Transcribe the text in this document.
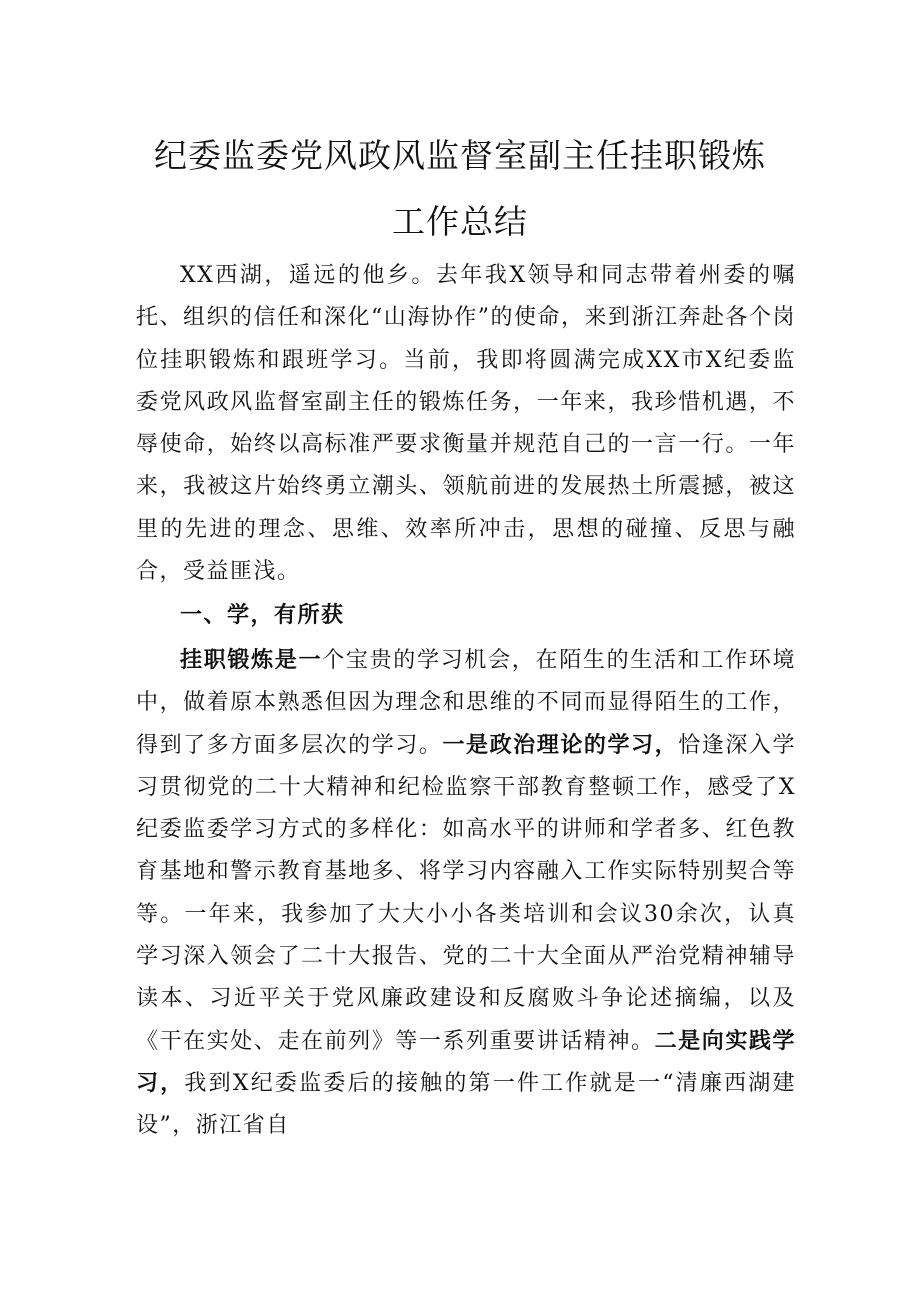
纪委监委党风政风监督室副主任挂职锻炼
工作总结

XX西湖，遥远的他乡。去年我X领导和同志带着州委的嘱托、组织的信任和深化“山海协作”的使命，来到浙江奔赴各个岗位挂职锻炼和跟班学习。当前，我即将圆满完成XX市X纪委监委党风政风监督室副主任的锻炼任务，一年来，我珍惜机遇，不辱使命，始终以高标准严要求衡量并规范自己的一言一行。一年来，我被这片始终勇立潮头、领航前进的发展热土所震撼，被这里的先进的理念、思维、效率所冲击，思想的碰撞、反思与融合，受益匪浅。

一、学，有所获

挂职锻炼是一个宝贵的学习机会，在陌生的生活和工作环境中，做着原本熟悉但因为理念和思维的不同而显得陌生的工作，得到了多方面多层次的学习。一是政治理论的学习，恰逢深入学习贯彻党的二十大精神和纪检监察干部教育整顿工作，感受了X纪委监委学习方式的多样化：如高水平的讲师和学者多、红色教育基地和警示教育基地多、将学习内容融入工作实际特别契合等等。一年来，我参加了大大小小各类培训和会议30余次，认真学习深入领会了二十大报告、党的二十大全面从严治党精神辅导读本、习近平关于党风廉政建设和反腐败斗争论述摘编，以及《干在实处、走在前列》等一系列重要讲话精神。二是向实践学习，我到X纪委监委后的接触的第一件工作就是一“清廉西湖建设”，浙江省自
